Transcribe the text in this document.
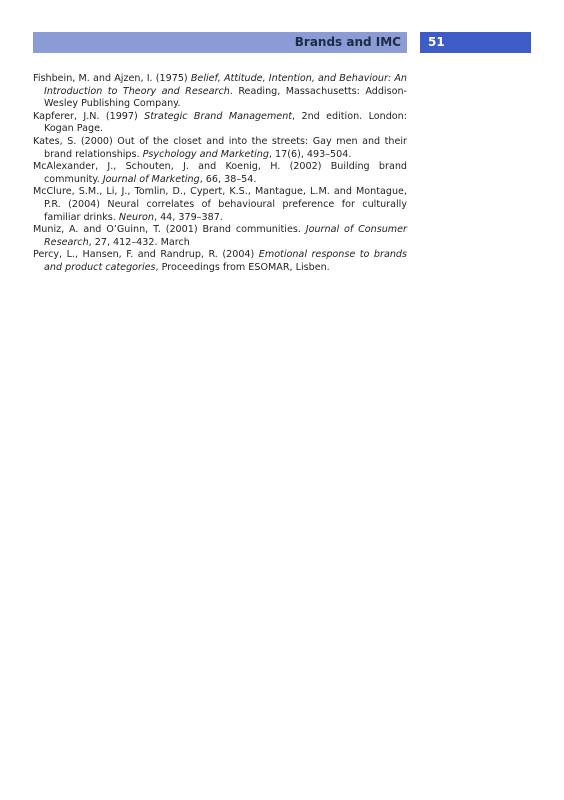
Brands and IMC 51
Fishbein, M. and Ajzen, I. (1975) Belief, Attitude, Intention, and Behaviour: An Introduction to Theory and Research. Reading, Massachusetts: Addison-Wesley Publishing Company.
Kapferer, J.N. (1997) Strategic Brand Management, 2nd edition. London: Kogan Page.
Kates, S. (2000) Out of the closet and into the streets: Gay men and their brand relationships. Psychology and Marketing, 17(6), 493–504.
McAlexander, J., Schouten, J. and Koenig, H. (2002) Building brand community. Journal of Marketing, 66, 38–54.
McClure, S.M., Li, J., Tomlin, D., Cypert, K.S., Mantague, L.M. and Montague, P.R. (2004) Neural correlates of behavioural preference for culturally familiar drinks. Neuron, 44, 379–387.
Muniz, A. and O’Guinn, T. (2001) Brand communities. Journal of Consumer Research, 27, 412–432. March
Percy, L., Hansen, F. and Randrup, R. (2004) Emotional response to brands and product categories, Proceedings from ESOMAR, Lisben.
